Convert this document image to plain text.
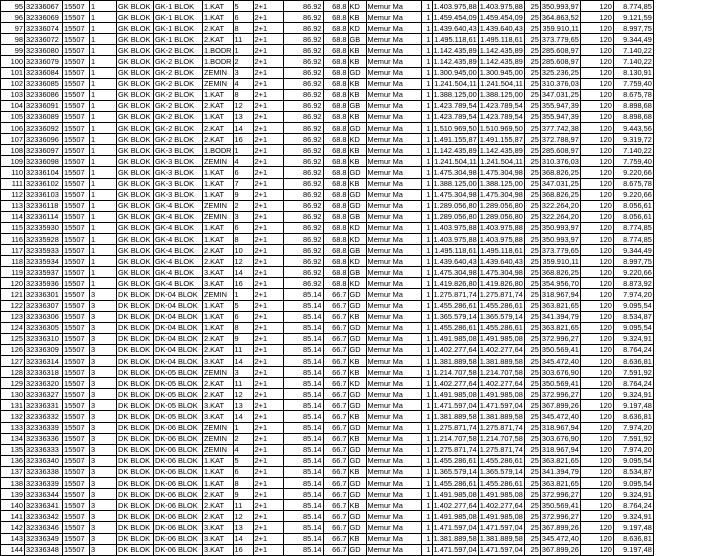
95	32336067	15507	1	GK BLOK	GK-1 BLOK	1.KAT	5	2+1	86.92	68.8	KD	Memur Ma	1	1.403.975,88	1.403.975,88	25	350.993,97	120	8.774,85
96	32336069	15507	1	GK BLOK	GK-1 BLOK	1.KAT	6	2+1	86.92	68.8	KB	Memur Ma	1	1.459.454,09	1.459.454,09	25	364.863,52	120	9.121,59
97	32336074	15507	1	GK BLOK	GK-1 BLOK	2.KAT	8	2+1	86.92	68.8	KD	Memur Ma	1	1.439.640,43	1.439.640,43	25	359.910,11	120	8.997,75
98	32336072	15507	1	GK BLOK	GK-1 BLOK	2.KAT	11	2+1	86.92	68.8	GB	Memur Ma	1	1.495.118,61	1.495.118,61	25	373.779,65	120	9.344,49
99	32336080	15507	1	GK BLOK	GK-2 BLOK	1.BODR	1	2+1	86.92	68.8	KB	Memur Ma	1	1.142.435,89	1.142.435,89	25	285.608,97	120	7.140,22
100	32336079	15507	1	GK BLOK	GK-2 BLOK	1.BODR	2	2+1	86.92	68.8	KB	Memur Ma	1	1.142.435,89	1.142.435,89	25	285.608,97	120	7.140,22
101	32336084	15507	1	GK BLOK	GK-2 BLOK	ZEMIN	3	2+1	86.92	68.8	GD	Memur Ma	1	1.300.945,00	1.300.945,00	25	325.236,25	120	8.130,91
102	32336085	15507	1	GK BLOK	GK-2 BLOK	ZEMIN	4	2+1	86.92	68.8	KB	Memur Ma	1	1.241.504,11	1.241.504,11	25	310.376,03	120	7.759,40
103	32336086	15507	1	GK BLOK	GK-2 BLOK	1.KAT	8	2+1	86.92	68.8	KB	Memur Ma	1	1.388.125,00	1.388.125,00	25	347.031,25	120	8.675,78
104	32336091	15507	1	GK BLOK	GK-2 BLOK	2.KAT	12	2+1	86.92	68.8	GB	Memur Ma	1	1.423.789,54	1.423.789,54	25	355.947,39	120	8.898,68
105	32336089	15507	1	GK BLOK	GK-2 BLOK	1.KAT	13	2+1	86.92	68.8	KB	Memur Ma	1	1.423.789,54	1.423.789,54	25	355.947,39	120	8.898,68
106	32336092	15507	1	GK BLOK	GK-2 BLOK	2.KAT	14	2+1	86.92	68.8	GD	Memur Ma	1	1.510.969,50	1.510.969,50	25	377.742,38	120	9.443,56
107	32336096	15507	1	GK BLOK	GK-2 BLOK	2.KAT	16	2+1	86.92	68.8	KD	Memur Ma	1	1.491.155,87	1.491.155,87	25	372.788,97	120	9.319,72
108	32336097	15507	1	GK BLOK	GK-3 BLOK	1.BODR	1	2+1	86.92	68.8	KB	Memur Ma	1	1.142.435,89	1.142.435,89	25	285.608,97	120	7.140,22
109	32336098	15507	1	GK BLOK	GK-3 BLOK	ZEMIN	4	2+1	86.92	68.8	KB	Memur Ma	1	1.241.504,11	1.241.504,11	25	310.376,03	120	7.759,40
110	32336104	15507	1	GK BLOK	GK-3 BLOK	1.KAT	6	2+1	86.92	68.8	GD	Memur Ma	1	1.475.304,98	1.475.304,98	25	368.826,25	120	9.220,66
111	32336102	15507	1	GK BLOK	GK-3 BLOK	1.KAT	7	2+1	86.92	68.8	KB	Memur Ma	1	1.388.125,00	1.388.125,00	25	347.031,25	120	8.675,78
112	32336103	15507	1	GK BLOK	GK-3 BLOK	1.KAT	9	2+1	86.92	68.8	GD	Memur Ma	1	1.475.304,98	1.475.304,98	25	368.826,25	120	9.220,66
113	32336118	15507	1	GK BLOK	GK-4 BLOK	ZEMIN	2	2+1	86.92	68.8	GD	Memur Ma	1	1.289.056,80	1.289.056,80	25	322.264,20	120	8.056,61
114	32336114	15507	1	GK BLOK	GK-4 BLOK	ZEMIN	3	2+1	86.92	68.8	GB	Memur Ma	1	1.289.056,80	1.289.056,80	25	322.264,20	120	8.056,61
115	32335930	15507	1	GK BLOK	GK-4 BLOK	1.KAT	6	2+1	86.92	68.8	KD	Memur Ma	1	1.403.975,88	1.403.975,88	25	350.993,97	120	8.774,85
116	32335928	15507	1	GK BLOK	GK-4 BLOK	1.KAT	8	2+1	86.92	68.8	KD	Memur Ma	1	1.403.975,88	1.403.975,88	25	350.993,97	120	8.774,85
117	32335933	15507	1	GK BLOK	GK-4 BLOK	2.KAT	10	2+1	86.92	68.8	GB	Memur Ma	1	1.495.118,61	1.495.118,61	25	373.779,65	120	9.344,49
118	32335934	15507	1	GK BLOK	GK-4 BLOK	2.KAT	12	2+1	86.92	68.8	KD	Memur Ma	1	1.439.640,43	1.439.640,43	25	359.910,11	120	8.997,75
119	32335937	15507	1	GK BLOK	GK-4 BLOK	3.KAT	14	2+1	86.92	68.8	GB	Memur Ma	1	1.475.304,98	1.475.304,98	25	368.826,25	120	9.220,66
120	32335936	15507	1	GK BLOK	GK-4 BLOK	3.KAT	16	2+1	86.92	68.8	KD	Memur Ma	1	1.419.826,80	1.419.826,80	25	354.956,70	120	8.873,92
121	32336301	15507	3	DK BLOK	DK-04 BLOK	ZEMIN	1	2+1	85.14	66.7	GD	Memur Ma	1	1.275.871,74	1.275.871,74	25	318.967,94	120	7.974,20
122	32336307	15507	3	DK BLOK	DK-04 BLOK	1.KAT	5	2+1	85.14	66.7	GD	Memur Ma	1	1.455.286,61	1.455.286,61	25	363.821,65	120	9.095,54
123	32336306	15507	3	DK BLOK	DK-04 BLOK	1.KAT	6	2+1	85.14	66.7	KB	Memur Ma	1	1.365.579,14	1.365.579,14	25	341.394,79	120	8.534,87
124	32336305	15507	3	DK BLOK	DK-04 BLOK	1.KAT	8	2+1	85.14	66.7	GD	Memur Ma	1	1.455.286,61	1.455.286,61	25	363.821,65	120	9.095,54
125	32336310	15507	3	DK BLOK	DK-04 BLOK	2.KAT	9	2+1	85.14	66.7	GD	Memur Ma	1	1.491.985,08	1.491.985,08	25	372.996,27	120	9.324,91
126	32336309	15507	3	DK BLOK	DK-04 BLOK	2.KAT	11	2+1	85.14	66.7	GD	Memur Ma	1	1.402.277,64	1.402.277,64	25	350.569,41	120	8.764,24
127	32336314	15507	3	DK BLOK	DK-04 BLOK	3.KAT	14	2+1	85.14	66.7	KB	Memur Ma	1	1.381.889,58	1.381.889,58	25	345.472,40	120	8.636,81
128	32336318	15507	3	DK BLOK	DK-05 BLOK	ZEMIN	3	2+1	85.14	66.7	KB	Memur Ma	1	1.214.707,58	1.214.707,58	25	303.676,90	120	7.591,92
129	32336320	15507	3	DK BLOK	DK-05 BLOK	2.KAT	11	2+1	85.14	66.7	KD	Memur Ma	1	1.402.277,64	1.402.277,64	25	350.569,41	120	8.764,24
130	32336327	15507	3	DK BLOK	DK-05 BLOK	2.KAT	12	2+1	85.14	66.7	GD	Memur Ma	1	1.491.985,08	1.491.985,08	25	372.996,27	120	9.324,91
131	32336331	15507	3	DK BLOK	DK-05 BLOK	3.KAT	13	2+1	85.14	66.7	GD	Memur Ma	1	1.471.597,04	1.471.597,04	25	367.899,26	120	9.197,48
132	32336332	15507	3	DK BLOK	DK-05 BLOK	3.KAT	14	2+1	85.14	66.7	KB	Memur Ma	1	1.381.889,58	1.381.889,58	25	345.472,40	120	8.636,81
133	32336339	15507	3	DK BLOK	DK-06 BLOK	ZEMIN	1	2+1	85.14	66.7	GD	Memur Ma	1	1.275.871,74	1.275.871,74	25	318.967,94	120	7.974,20
134	32336336	15507	3	DK BLOK	DK-06 BLOK	ZEMIN	2	2+1	85.14	66.7	KB	Memur Ma	1	1.214.707,58	1.214.707,58	25	303.676,90	120	7.591,92
135	32336333	15507	3	DK BLOK	DK-06 BLOK	ZEMIN	4	2+1	85.14	66.7	GD	Memur Ma	1	1.275.871,74	1.275.871,74	25	318.967,94	120	7.974,20
136	32336340	15507	3	DK BLOK	DK-06 BLOK	1.KAT	5	2+1	85.14	66.7	GD	Memur Ma	1	1.455.286,61	1.455.286,61	25	363.821,65	120	9.095,54
137	32336338	15507	3	DK BLOK	DK-06 BLOK	1.KAT	6	2+1	85.14	66.7	KB	Memur Ma	1	1.365.579,14	1.365.579,14	25	341.394,79	120	8.534,87
138	32336339	15507	3	DK BLOK	DK-06 BLOK	1.KAT	8	2+1	85.14	66.7	GD	Memur Ma	1	1.455.286,61	1.455.286,61	25	363.821,65	120	9.095,54
139	32336344	15507	3	DK BLOK	DK-06 BLOK	2.KAT	9	2+1	85.14	66.7	GD	Memur Ma	1	1.491.985,08	1.491.985,08	25	372.996,27	120	9.324,91
140	32336341	15507	3	DK BLOK	DK-06 BLOK	2.KAT	11	2+1	85.14	66.7	KB	Memur Ma	1	1.402.277,64	1.402.277,64	25	350.569,41	120	8.764,24
141	32336342	15507	3	DK BLOK	DK-06 BLOK	2.KAT	12	2+1	85.14	66.7	GD	Memur Ma	1	1.491.985,08	1.491.985,08	25	372.996,27	120	9.324,91
142	32336346	15507	3	DK BLOK	DK-06 BLOK	3.KAT	13	2+1	85.14	66.7	GD	Memur Ma	1	1.471.597,04	1.471.597,04	25	367.899,26	120	9.197,48
143	32336349	15507	3	DK BLOK	DK-06 BLOK	3.KAT	14	2+1	85.14	66.7	KB	Memur Ma	1	1.381.889,58	1.381.889,58	25	345.472,40	120	8.636,81
144	32336348	15507	3	DK BLOK	DK-06 BLOK	3.KAT	16	2+1	85.14	66.7	GD	Memur Ma	1	1.471.597,04	1.471.597,04	25	367.899,26	120	9.197,48
